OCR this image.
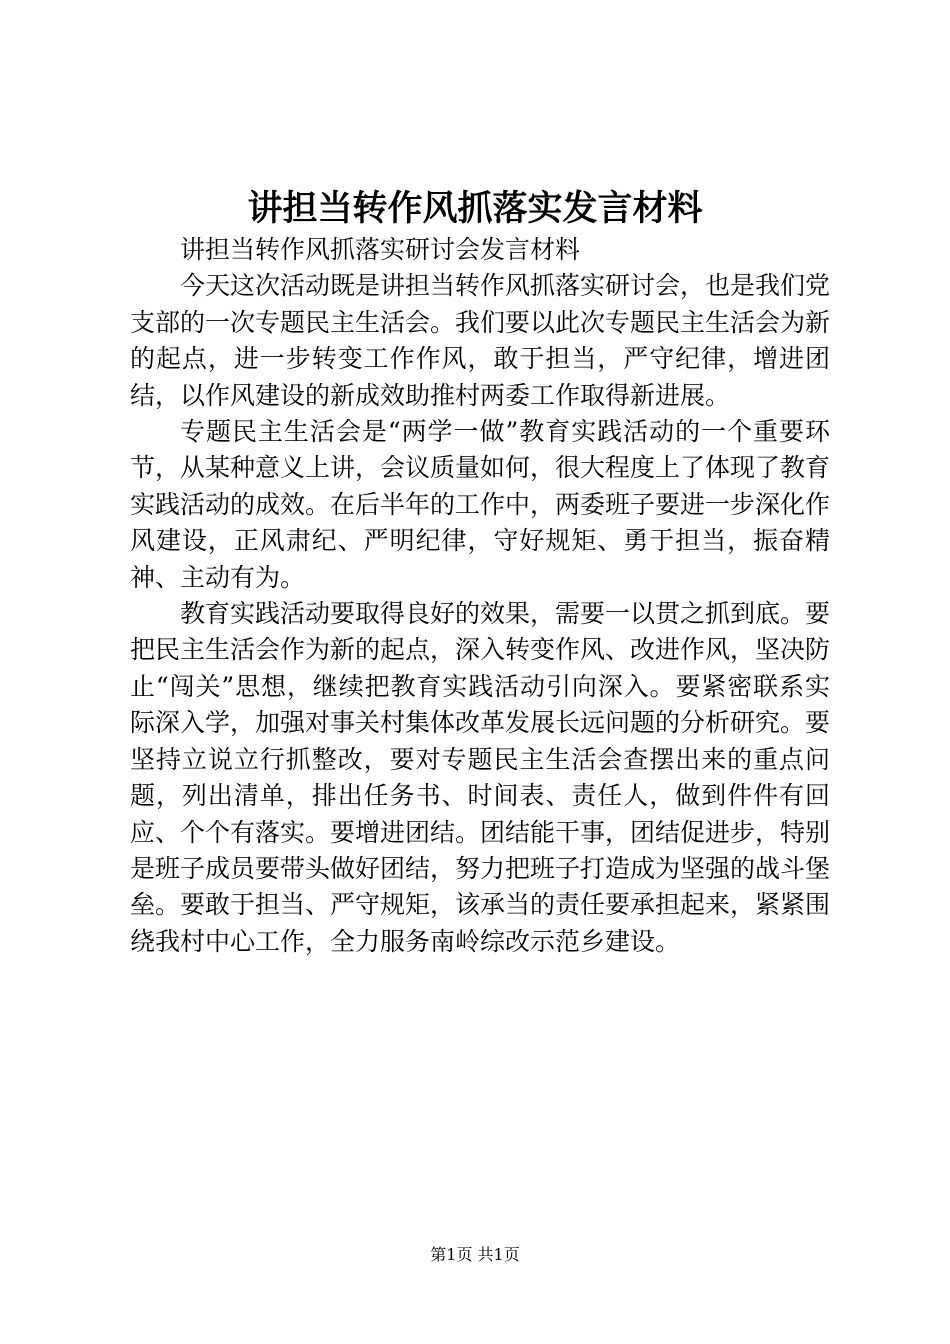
讲担当转作风抓落实发言材料

讲担当转作风抓落实研讨会发言材料

今天这次活动既是讲担当转作风抓落实研讨会，也是我们党支部的一次专题民主生活会。我们要以此次专题民主生活会为新的起点，进一步转变工作作风，敢于担当，严守纪律，增进团结，以作风建设的新成效助推村两委工作取得新进展。

专题民主生活会是“两学一做”教育实践活动的一个重要环节，从某种意义上讲，会议质量如何，很大程度上了体现了教育实践活动的成效。在后半年的工作中，两委班子要进一步深化作风建设，正风肃纪、严明纪律，守好规矩、勇于担当，振奋精神、主动有为。

教育实践活动要取得良好的效果，需要一以贯之抓到底。要把民主生活会作为新的起点，深入转变作风、改进作风，坚决防止“闯关”思想，继续把教育实践活动引向深入。要紧密联系实际深入学，加强对事关村集体改革发展长远问题的分析研究。要坚持立说立行抓整改，要对专题民主生活会查摆出来的重点问题，列出清单，排出任务书、时间表、责任人，做到件件有回应、个个有落实。要增进团结。团结能干事，团结促进步，特别是班子成员要带头做好团结，努力把班子打造成为坚强的战斗堡垒。要敢于担当、严守规矩，该承当的责任要承担起来，紧紧围绕我村中心工作，全力服务南岭综改示范乡建设。

第1页 共1页
